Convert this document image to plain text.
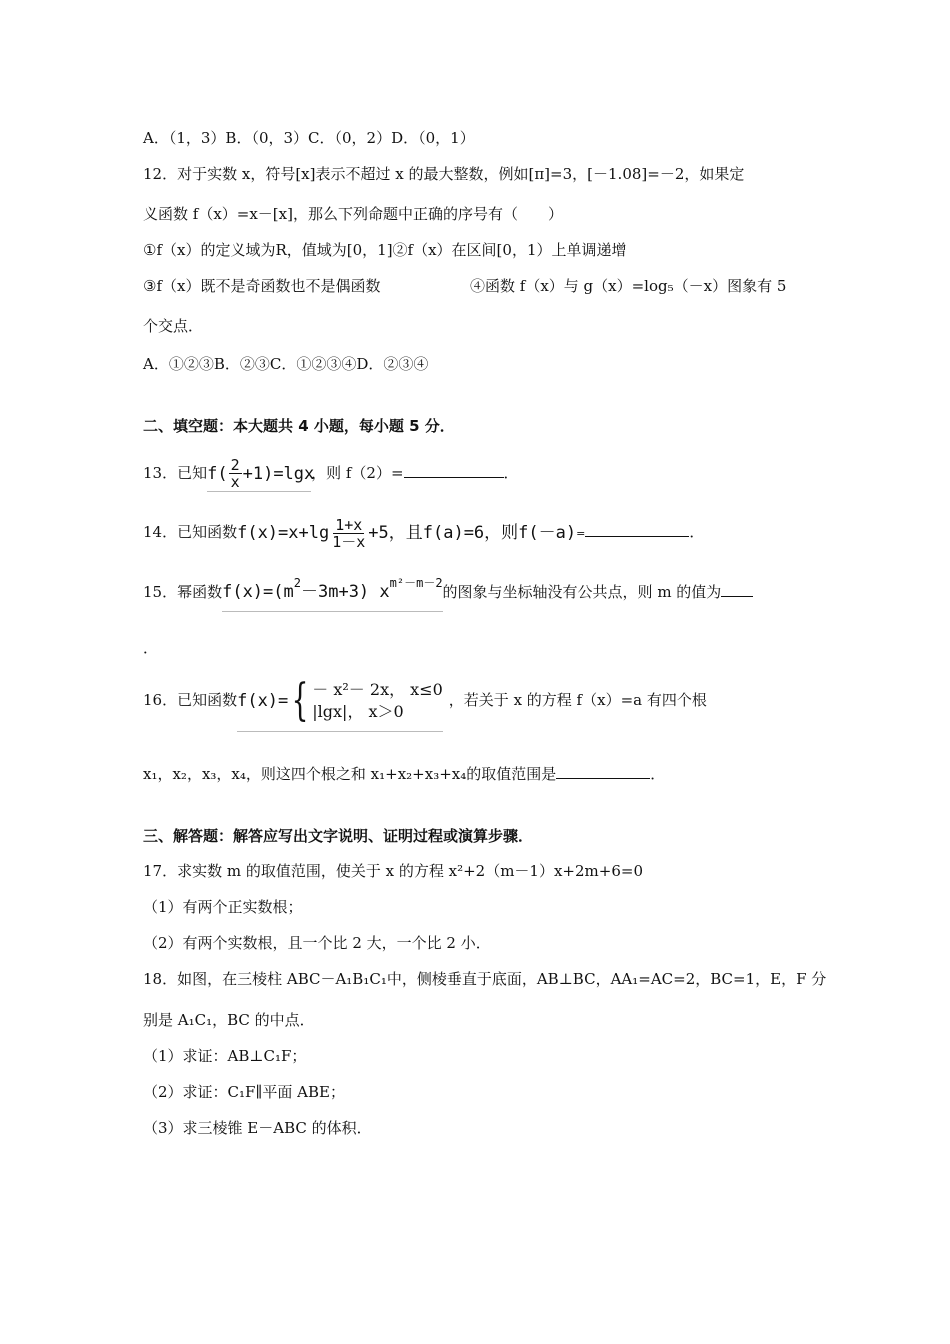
A．（1，3）B．（0，3）C．（0，2）D．（0，1）
12．对于实数 x，符号[x]表示不超过 x 的最大整数，例如[π]=3，[－1.08]=－2，如果定
义函数 f（x）=x－[x]，那么下列命题中正确的序号有（　　）
①f（x）的定义域为R，值域为[0，1]②f（x）在区间[0，1）上单调递增
③f（x）既不是奇函数也不是偶函数	④函数 f（x）与 g（x）=log₅（－x）图象有 5
个交点．
A．①②③B．②③C．①②③④D．②③④
二、填空题：本大题共 4 小题，每小题 5 分．
13．已知$f( \frac{2}{x} +1)=\lg x$，则 f（2）=	．
14．已知函数$f(x)=x+\lg \frac{1+x}{1-x} +5$，且f(a)=6，则f(－a)=	．
15．幂函数$f(x)=(m^2-3m+3)$ $x^{m^2-m-2}$的图象与坐标轴没有公共点，则 m 的值为
．
16．已知函数 f(x)= { － x²－ 2x， x≤0
|lgx|， x＞0
，若关于 x 的方程 f（x）=a 有四个根
x₁，x₂，x₃，x₄，则这四个根之和 x₁+x₂+x₃+x₄的取值范围是	．
三、解答题：解答应写出文字说明、证明过程或演算步骤．
17．求实数 m 的取值范围，使关于 x 的方程 x²+2（m－1）x+2m+6=0
（1）有两个正实数根；
（2）有两个实数根，且一个比 2 大，一个比 2 小．
18．如图，在三棱柱 ABC－A₁B₁C₁中，侧棱垂直于底面，AB⊥BC，AA₁=AC=2，BC=1，E，F 分
别是 A₁C₁，BC 的中点．
（1）求证：AB⊥C₁F；
（2）求证：C₁F∥平面 ABE；
（3）求三棱锥 E－ABC 的体积．
